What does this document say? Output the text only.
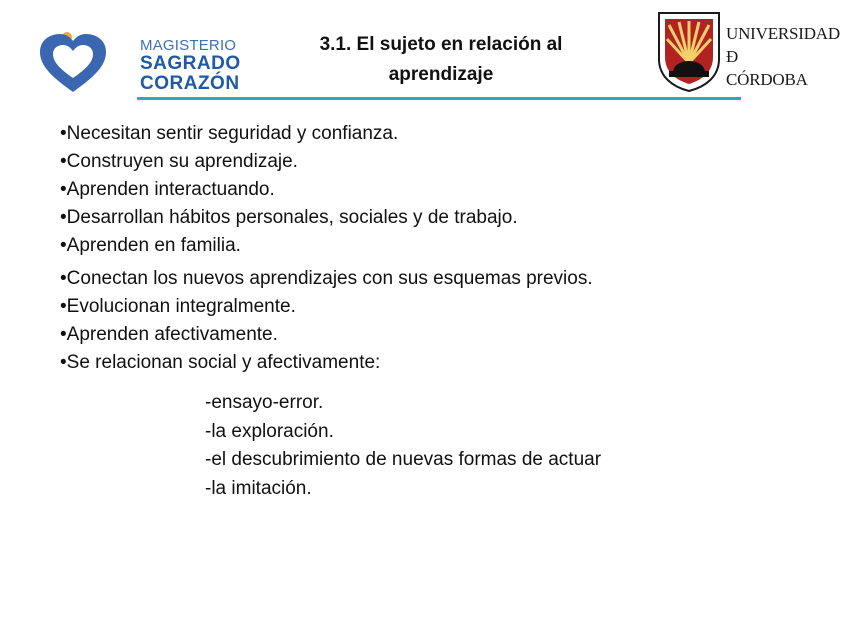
MAGISTERIO
SAGRADO
CORAZÓN
3.1. El sujeto en relación al
aprendizaje
UNIVERSIDAD
Đ
CÓRDOBA
•Necesitan sentir seguridad y confianza.
•Construyen su aprendizaje.
•Aprenden interactuando.
•Desarrollan hábitos personales, sociales y de trabajo.
•Aprenden en familia.
•Conectan los nuevos aprendizajes con sus esquemas previos.
•Evolucionan integralmente.
•Aprenden afectivamente.
•Se relacionan social y afectivamente:
-ensayo-error.
-la exploración.
-el descubrimiento de nuevas formas de actuar
-la imitación.
